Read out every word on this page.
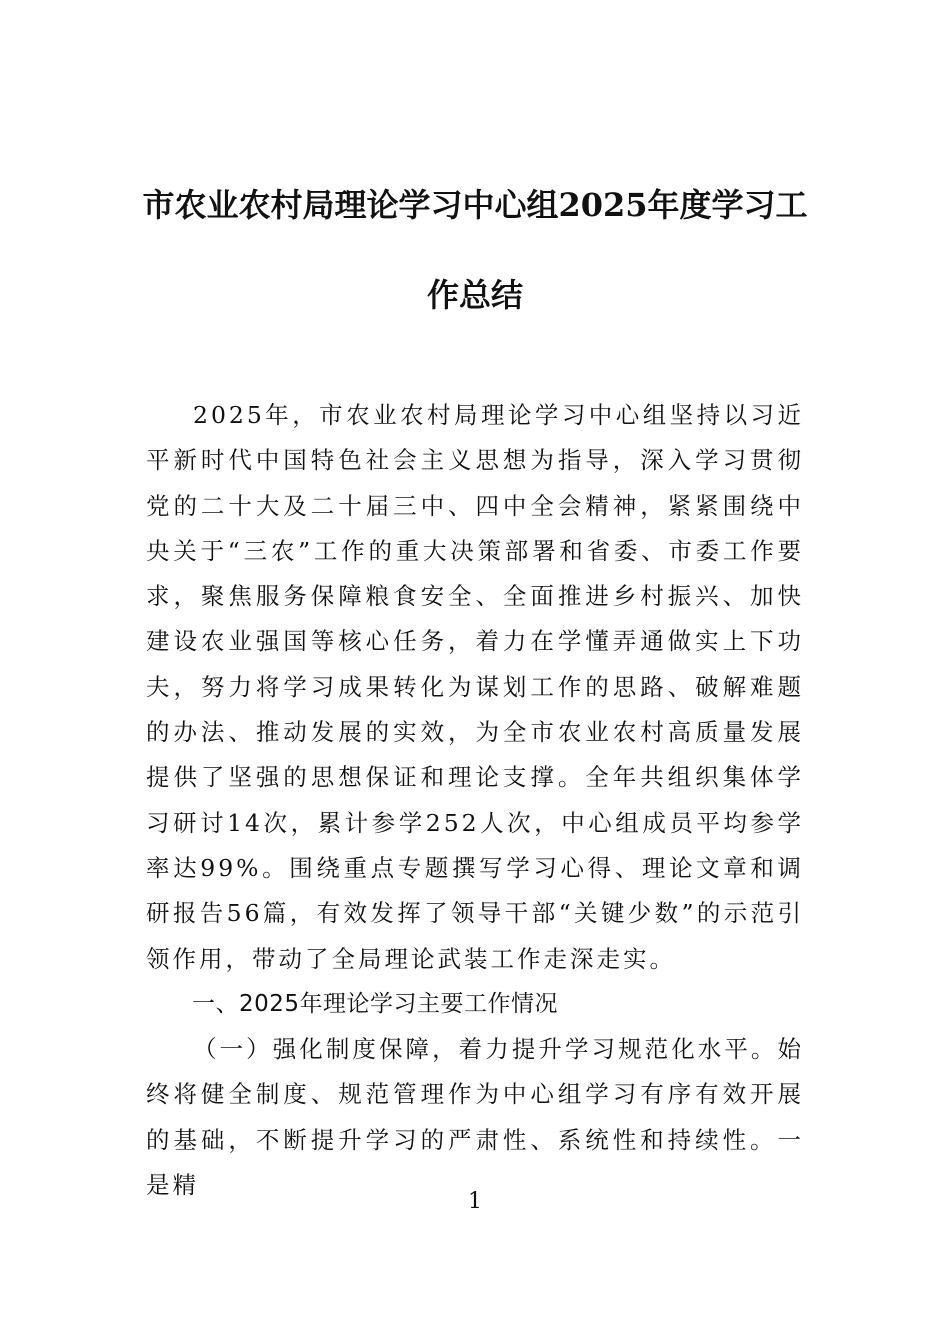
市农业农村局理论学习中心组2025年度学习工作总结

2025年，市农业农村局理论学习中心组坚持以习近平新时代中国特色社会主义思想为指导，深入学习贯彻党的二十大及二十届三中、四中全会精神，紧紧围绕中央关于“三农”工作的重大决策部署和省委、市委工作要求，聚焦服务保障粮食安全、全面推进乡村振兴、加快建设农业强国等核心任务，着力在学懂弄通做实上下功夫，努力将学习成果转化为谋划工作的思路、破解难题的办法、推动发展的实效，为全市农业农村高质量发展提供了坚强的思想保证和理论支撑。全年共组织集体学习研讨14次，累计参学252人次，中心组成员平均参学率达99%。围绕重点专题撰写学习心得、理论文章和调研报告56篇，有效发挥了领导干部“关键少数”的示范引领作用，带动了全局理论武装工作走深走实。

一、2025年理论学习主要工作情况

（一）强化制度保障，着力提升学习规范化水平。始终将健全制度、规范管理作为中心组学习有序有效开展的基础，不断提升学习的严肃性、系统性和持续性。一是精

1
